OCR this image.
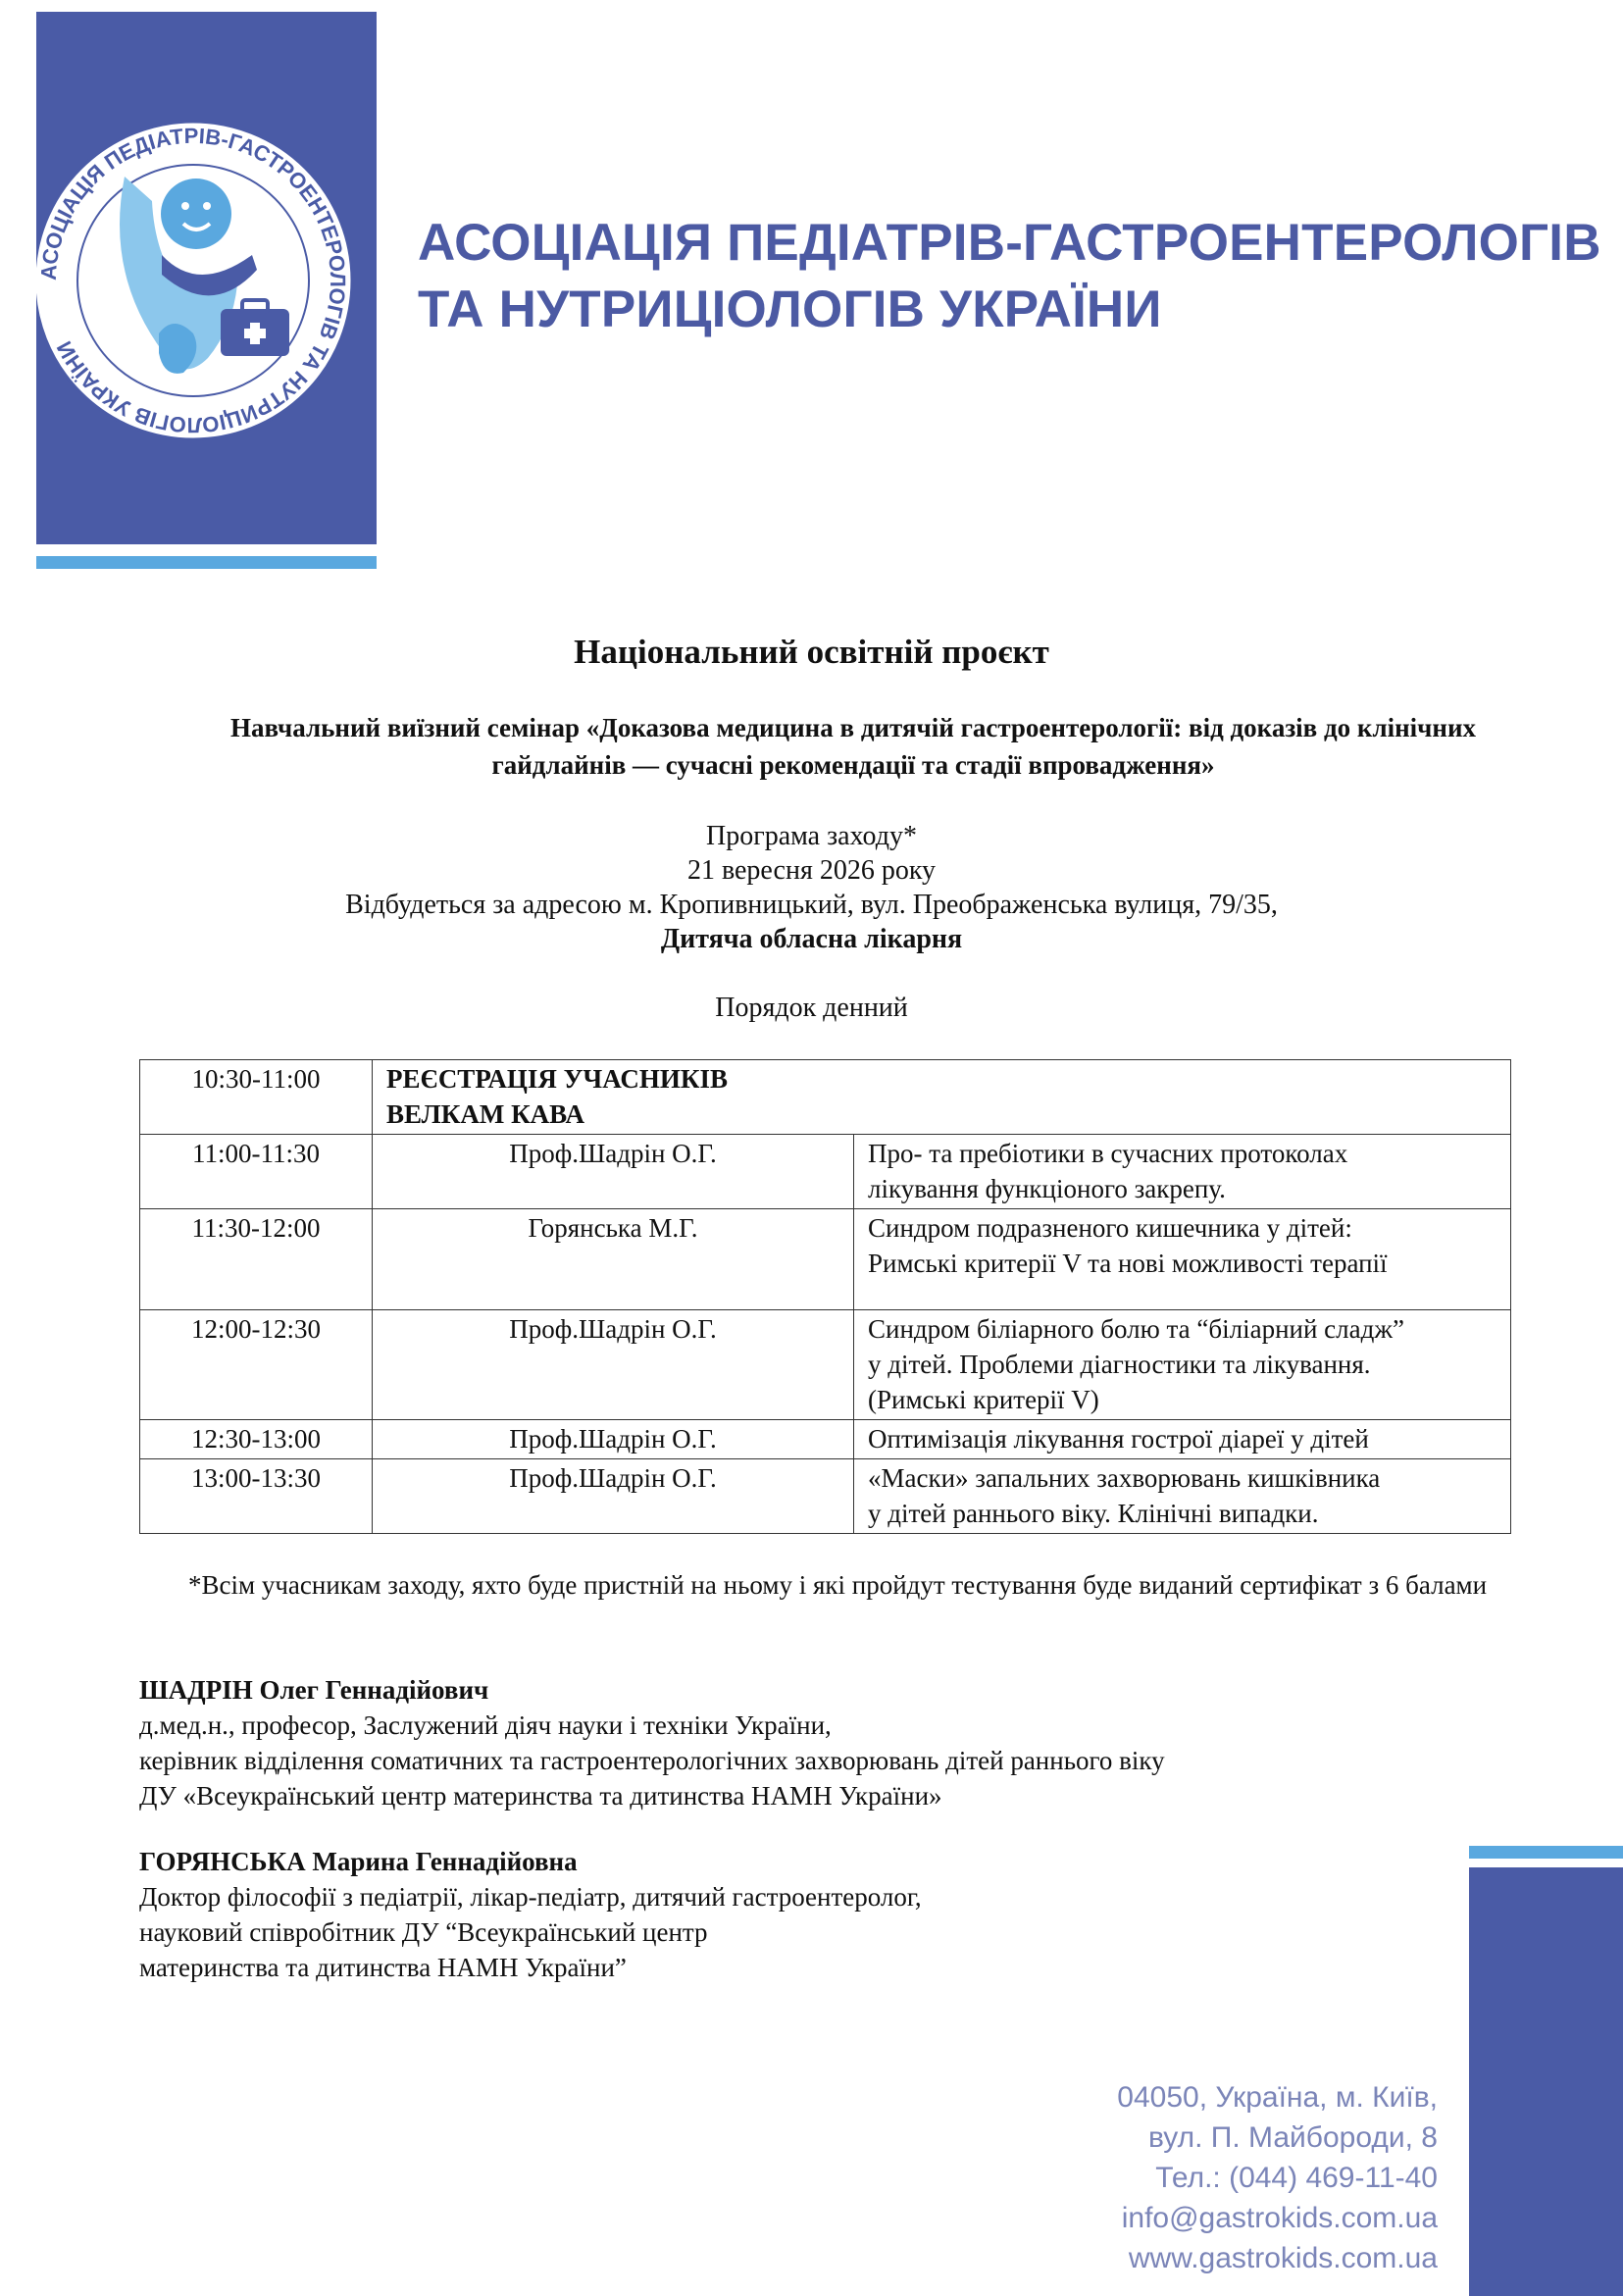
АСОЦІАЦІЯ ПЕДІАТРІВ-ГАСТРОЕНТЕРОЛОГІВ ТА НУТРИЦІОЛОГІВ УКРАЇНИ
АСОЦІАЦІЯ ПЕДІАТРІВ-ГАСТРОЕНТЕРОЛОГІВ
ТА НУТРИЦІОЛОГІВ УКРАЇНИ
Національний освітній проєкт
Навчальний виїзний семінар «Доказова медицина в дитячій гастроентерології: від доказів до клінічних гайдлайнів — сучасні рекомендації та стадії впровадження»
Програма заходу*
21 вересня 2026 року
Відбудеться за адресою м. Кропивницький, вул. Преображенська вулиця, 79/35,
Дитяча обласна лікарня
Порядок денний
10:30-11:00	РЕЄСТРАЦІЯ УЧАСНИКІВ
ВЕЛКАМ КАВА	

11:00-11:30	Проф.Шадрін О.Г.	Про- та пребіотики в сучасних протоколах
лікування функціоного закрепу.

11:30-12:00	Горянська М.Г.	Синдром подразненого кишечника у дітей:
Римські критерії V та нові можливості терапії

12:00-12:30	Проф.Шадрін О.Г.	Синдром біліарного болю та “біліарний сладж”
у дітей. Проблеми діагностики та лікування.
(Римські критерії V)

12:30-13:00	Проф.Шадрін О.Г.	Оптимізація лікування гострої діареї у дітей

13:00-13:30	Проф.Шадрін О.Г.	«Маски» запальних захворювань кишківника
у дітей раннього віку. Клінічні випадки.
*Всім учасникам заходу, яхто буде пристній на ньому і які пройдут тестування буде виданий сертифікат з 6 балами
ШАДРІН Олег Геннадійович
д.мед.н., професор, Заслужений діяч науки і техніки України,
керівник відділення соматичних та гастроентерологічних захворювань дітей раннього віку
ДУ «Всеукраїнський центр материнства та дитинства НАМН України»
ГОРЯНСЬКА Марина Геннадійовна
Доктор філософії з педіатрії, лікар-педіатр, дитячий гастроентеролог,
науковий співробітник ДУ “Всеукраїнський центр
материнства та дитинства НАМН України”
04050, Україна, м. Київ,
вул. П. Майбороди, 8
Тел.: (044) 469-11-40
info@gastrokids.com.ua
www.gastrokids.com.ua
